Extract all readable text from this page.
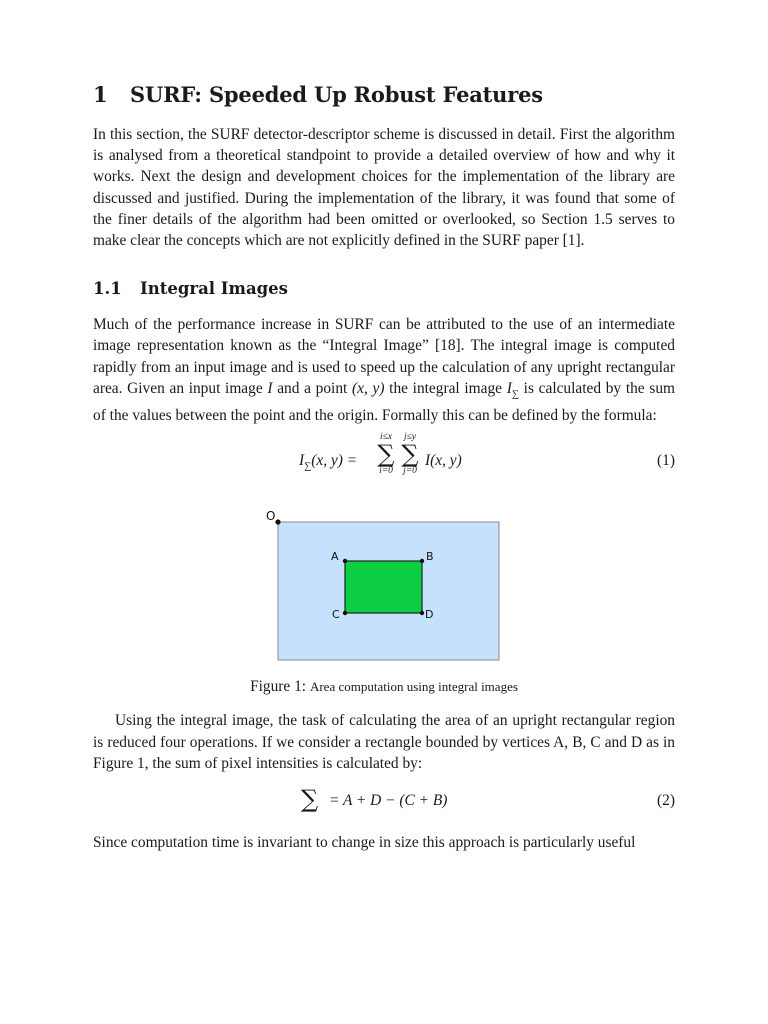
1 SURF: Speeded Up Robust Features

In this section, the SURF detector-descriptor scheme is discussed in detail. First the algorithm is analysed from a theoretical standpoint to provide a detailed overview of how and why it works. Next the design and development choices for the implementation of the library are discussed and justified. During the implementation of the library, it was found that some of the finer details of the algorithm had been omitted or overlooked, so Section 1.5 serves to make clear the concepts which are not explicitly defined in the SURF paper [1].

1.1 Integral Images

Much of the performance increase in SURF can be attributed to the use of an intermediate image representation known as the “Integral Image” [18]. The integral image is computed rapidly from an input image and is used to speed up the calculation of any upright rectangular area. Given an input image I and a point (x, y) the integral image $I_\sum$ is calculated by the sum of the values between the point and the origin. Formally this can be defined by the formula:

$I_\sum(x$, y) =
i≤x
∑
i=0
j≤y
∑
j=0
I(x, y)	(1)
O
A	B
C	D
Figure 1: Area computation using integral images

Using the integral image, the task of calculating the area of an upright rectangular region is reduced four operations. If we consider a rectangle bounded by vertices A, B, C and D as in Figure 1, the sum of pixel intensities is calculated by:

∑ = A + D − (C + B)	(2)

Since computation time is invariant to change in size this approach is particularly useful
